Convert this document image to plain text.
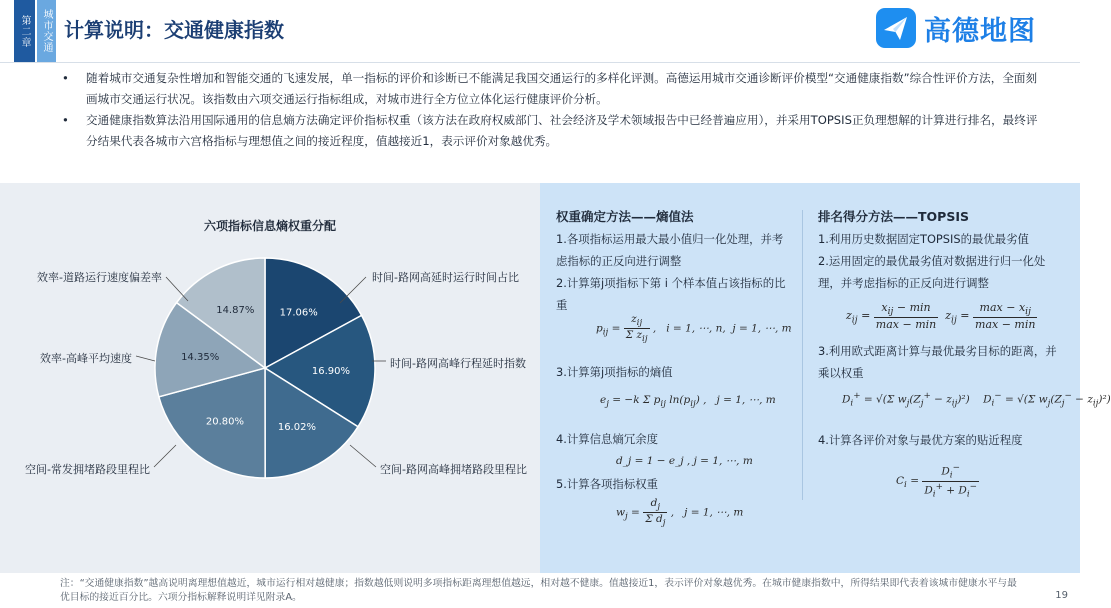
第二章 城市交通 计算说明：交通健康指数	高德地图
• 随着城市交通复杂性增加和智能交通的飞速发展，单一指标的评价和诊断已不能满足我国交通运行的多样化评测。高德运用城市交通诊断评价模型“交通健康指数”综合性评价方法，全面刻画城市交通运行状况。该指数由六项交通运行指标组成，对城市进行全方位立体化运行健康评价分析。
• 交通健康指数算法沿用国际通用的信息熵方法确定评价指标权重（该方法在政府权威部门、社会经济及学术领域报告中已经普遍应用），并采用TOPSIS正负理想解的计算进行排名，最终评分结果代表各城市六宫格指标与理想值之间的接近程度，值越接近1，表示评价对象越优秀。
六项指标信息熵权重分配
17.06%
时间-路网高延时运行时间占比
16.90%
时间-路网高峰行程延时指数
16.02%
空间-路网高峰拥堵路段里程比
20.80%
空间-常发拥堵路段里程比
14.35%
效率-高峰平均速度
14.87%
效率-道路运行速度偏差率
权重确定方法——熵值法
1.各项指标运用最大最小值归一化处理，并考虑指标的正反向进行调整
2.计算第j项指标下第 i 个样本值占该指标的比重
$p_{ij} = \frac{z_{ij}}{\Sigma z_{ij}}$ ,   i = 1, ⋯, n,  j = 1, ⋯, m
3.计算第j项指标的熵值
$e_j = -k$ Σ $p_{ij}$ $\ln(p_{ij})$ ,   j = 1, ⋯, m
4.计算信息熵冗余度
d_j = 1 − e_j , j = 1, ⋯, m
5.计算各项指标权重
$w_j = \frac{d_j}{\Sigma d_j}$ ,   j = 1, ⋯, m
排名得分方法——TOPSIS
1.利用历史数据固定TOPSIS的最优最劣值
2.运用固定的最优最劣值对数据进行归一化处理，并考虑指标的正反向进行调整
$z_{ij} = \frac{x_{ij} - \min}{\max - \min} z_{ij} = \frac{\max - x_{ij}}{\max - \min}$
3.利用欧式距离计算与最优最劣目标的距离，并乘以权重
$D_i^+ = √(\Sigma$ $w_j(Z_j^+ - z_{ij})^2$)    $D_i^- = √(\Sigma$ $w_j(Z_j^- - z_{ij})^2$)
4.计算各评价对象与最优方案的贴近程度
$C_i = \frac{D_i^-}{D_i^+ + D_i^-}$
注：“交通健康指数”越高说明离理想值越近，城市运行相对越健康；指数越低则说明多项指标距离理想值越远，相对越不健康。值越接近1，表示评价对象越优秀。在城市健康指数中，所得结果即代表着该城市健康水平与最优目标的接近百分比。六项分指标解释说明详见附录A。	19
